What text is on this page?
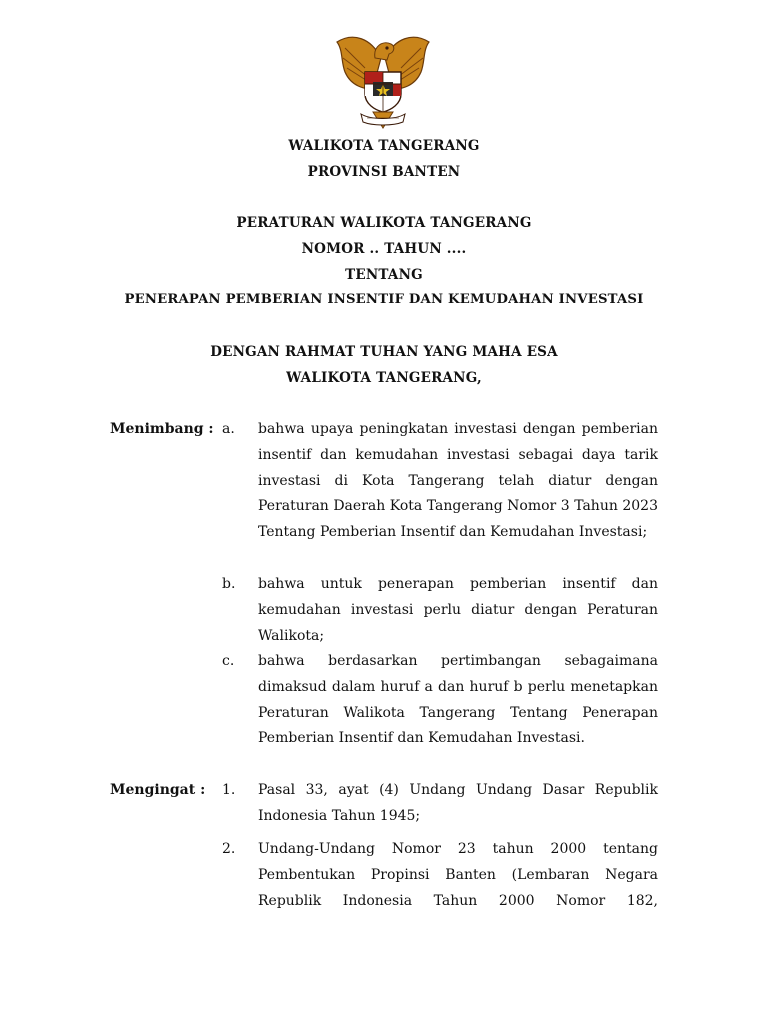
WALIKOTA TANGERANG
PROVINSI BANTEN
PERATURAN WALIKOTA TANGERANG
NOMOR .. TAHUN ....
TENTANG
PENERAPAN PEMBERIAN INSENTIF DAN KEMUDAHAN INVESTASI
DENGAN RAHMAT TUHAN YANG MAHA ESA
WALIKOTA TANGERANG,
Menimbang : a. bahwa upaya peningkatan investasi dengan pemberian insentif dan kemudahan investasi sebagai daya tarik investasi di Kota Tangerang telah diatur dengan Peraturan Daerah Kota Tangerang Nomor 3 Tahun 2023 Tentang Pemberian Insentif dan Kemudahan Investasi;
b. bahwa untuk penerapan pemberian insentif dan kemudahan investasi perlu diatur dengan Peraturan Walikota;
c. bahwa berdasarkan pertimbangan sebagaimana dimaksud dalam huruf a dan huruf b perlu menetapkan Peraturan Walikota Tangerang Tentang Penerapan Pemberian Insentif dan Kemudahan Investasi.
Mengingat : 1. Pasal 33, ayat (4) Undang Undang Dasar Republik Indonesia Tahun 1945;
2. Undang-Undang Nomor 23 tahun 2000 tentang Pembentukan Propinsi Banten (Lembaran Negara Republik Indonesia Tahun 2000 Nomor 182,
